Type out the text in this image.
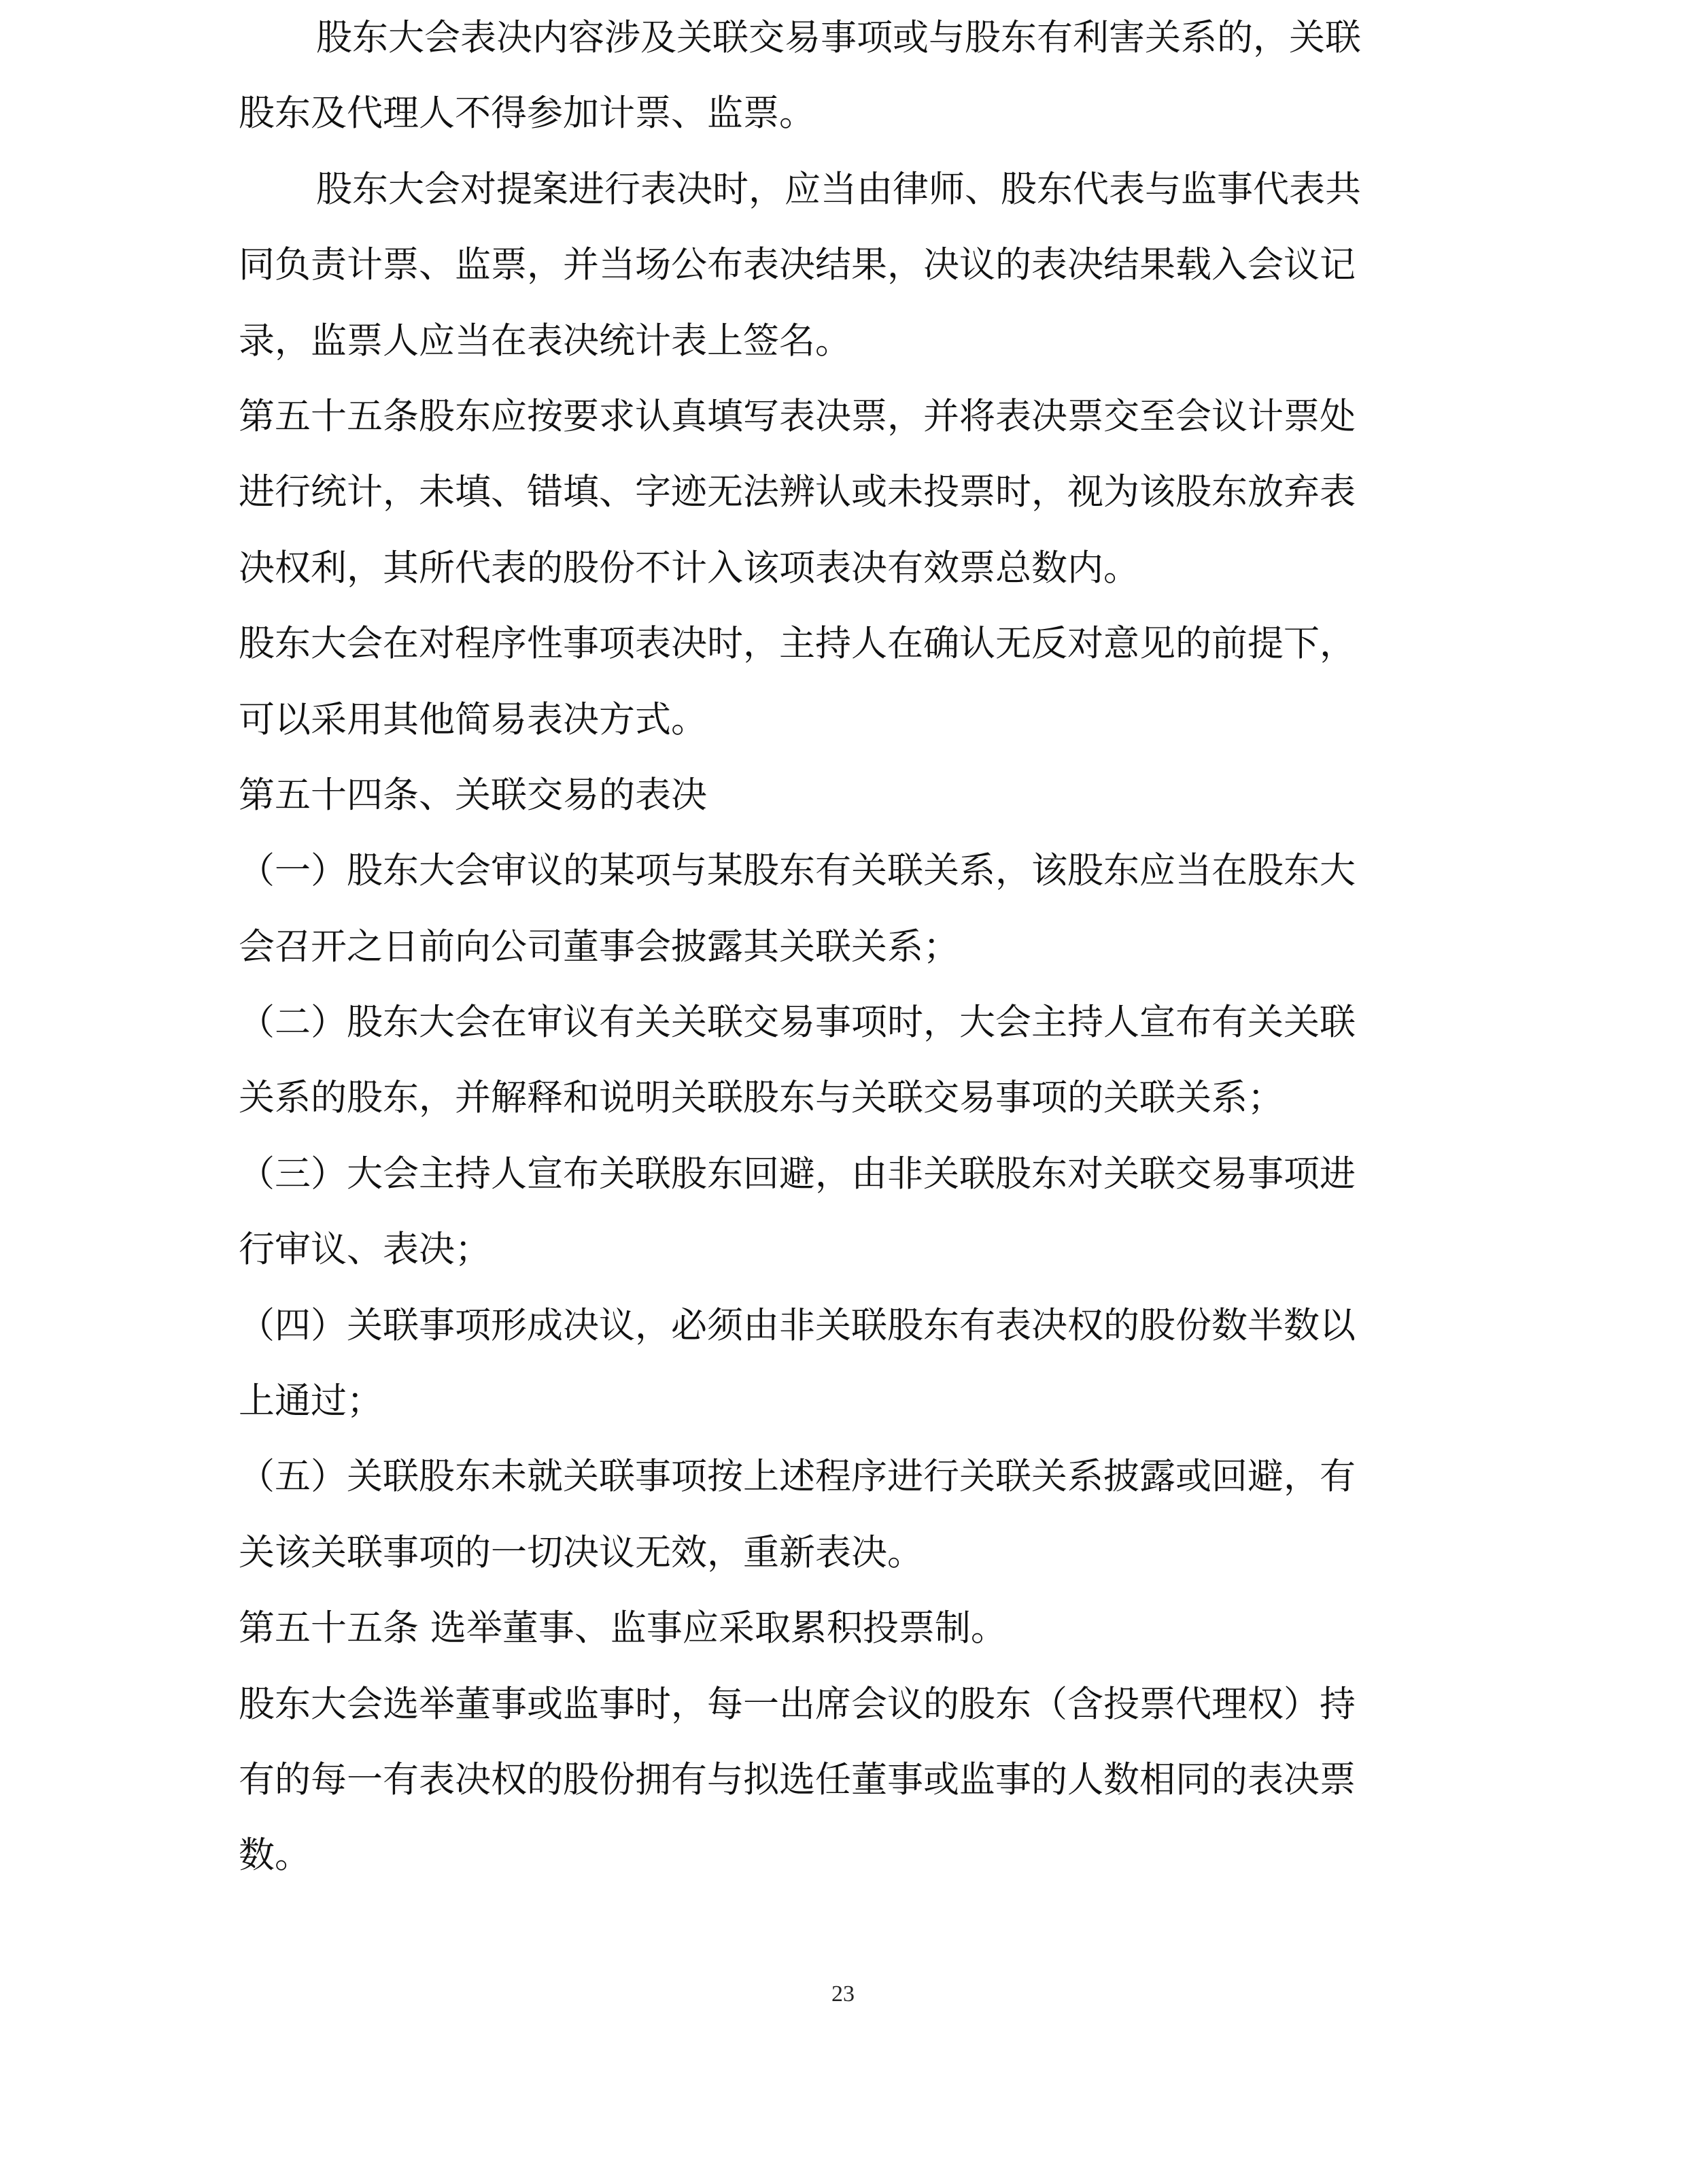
股东大会表决内容涉及关联交易事项或与股东有利害关系的，关联
股东及代理人不得参加计票、监票。
股东大会对提案进行表决时，应当由律师、股东代表与监事代表共
同负责计票、监票，并当场公布表决结果，决议的表决结果载入会议记
录，监票人应当在表决统计表上签名。
第五十五条股东应按要求认真填写表决票，并将表决票交至会议计票处
进行统计，未填、错填、字迹无法辨认或未投票时，视为该股东放弃表
决权利，其所代表的股份不计入该项表决有效票总数内。
股东大会在对程序性事项表决时，主持人在确认无反对意见的前提下，
可以采用其他简易表决方式。
第五十四条、关联交易的表决
（一）股东大会审议的某项与某股东有关联关系，该股东应当在股东大
会召开之日前向公司董事会披露其关联关系；
（二）股东大会在审议有关关联交易事项时，大会主持人宣布有关关联
关系的股东，并解释和说明关联股东与关联交易事项的关联关系；
（三）大会主持人宣布关联股东回避，由非关联股东对关联交易事项进
行审议、表决；
（四）关联事项形成决议，必须由非关联股东有表决权的股份数半数以
上通过；
（五）关联股东未就关联事项按上述程序进行关联关系披露或回避，有
关该关联事项的一切决议无效，重新表决。
第五十五条 选举董事、监事应采取累积投票制。
股东大会选举董事或监事时，每一出席会议的股东（含投票代理权）持
有的每一有表决权的股份拥有与拟选任董事或监事的人数相同的表决票
数。
23
